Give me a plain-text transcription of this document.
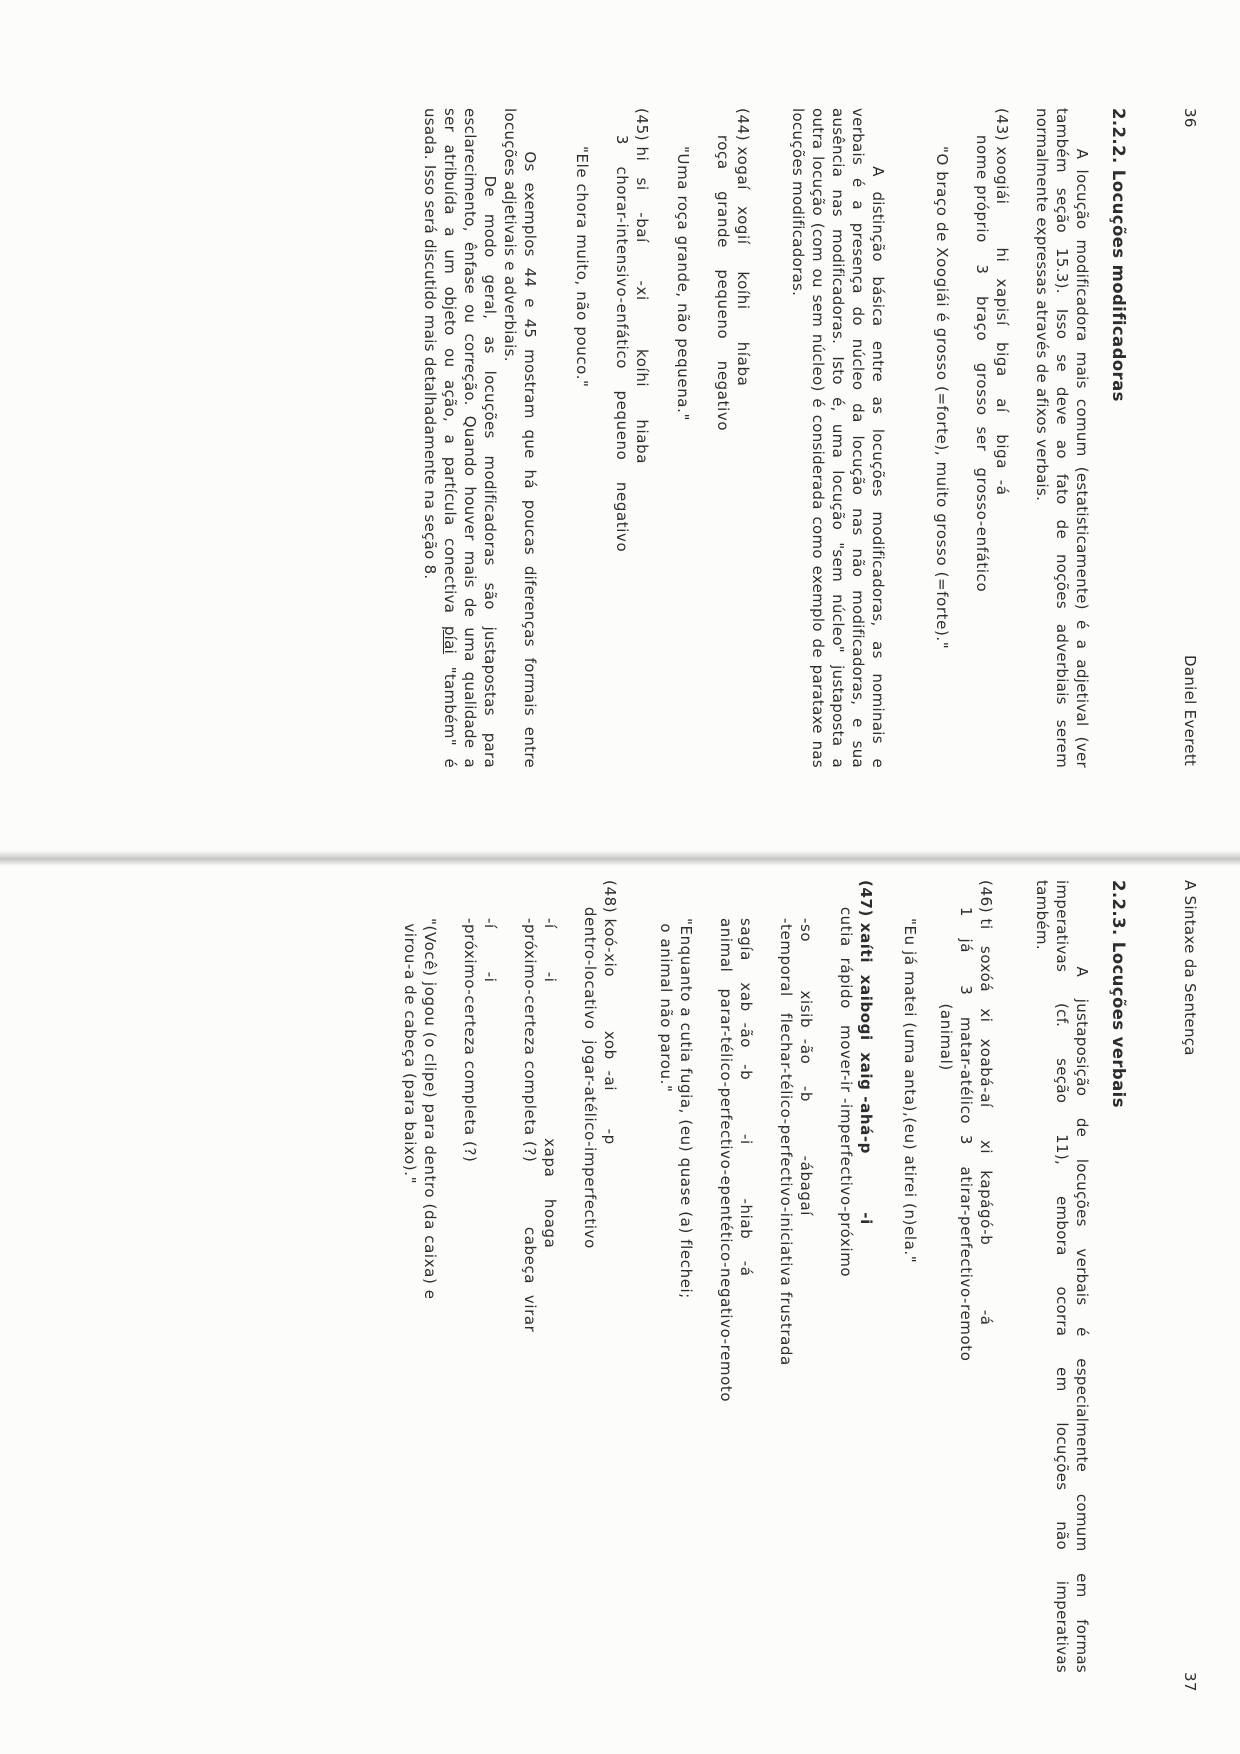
36

Daniel Everett

2.2.2. Locuções modificadoras

A locução modificadora mais comum (estatisticamente) é a adjetival (ver

também seção 15.3). Isso se deve ao fato de noções adverbiais serem

normalmente expressas através de afixos verbais.

(43) xoogiái        hi   xapisí   biga    aí    biga  -á

nome próprio    3    braço    grosso  ser   grosso-enfático

"O braço de Xoogiái é grosso (=forte), muito grosso (=forte)."

A distinção básica entre as locuções modificadoras, as nominais e

verbais é a presença do núcleo da locução nas não modificadoras, e sua

ausência nas modificadoras. Isto é, uma locução "sem núcleo" justaposta a

outra locução (com ou sem núcleo) é considerada como exemplo de parataxe nas

locuções modificadoras.

(44) xogaí   xogií     koíhi      híaba

roça    grande    pequeno    negativo

"Uma roça grande, não pequena."

(45) hi   si    -baí       -xi         koíhi      hiaba

3    chorar-intensivo-enfático    pequeno    negativo

"Ele chora muito, não pouco."

Os exemplos 44 e 45 mostram que há poucas diferenças formais entre

locuções adjetivais e adverbiais.

De modo geral, as locuções modificadoras são justapostas para

esclarecimento, ênfase ou correção. Quando houver mais de uma qualidade a

ser atribuída a um objeto ou ação, a partícula conectiva píai "também" é

usada. Isso será discutido mais detalhadamente na seção 8.

A Sintaxe da Sentença

37

2.2.3. Locuções verbais

A justaposição de locuções verbais é especialmente comum em formas

imperativas (cf. seção 11), embora ocorra em locuções não imperativas

também.

(46) ti   soxóá   xi   xoabá-aí      xi   kapágó-b            -á

1    já      3    matar-atélico  3    atirar-perfectivo-remoto

(animal)

"Eu já matei (uma anta),(eu) atirei (n)ela."

(47) xaíti  xaibogi  xaig -ahá-p          -i

cutia  rápido   mover-ir -imperfectivo-próximo

-so         xisib  -ão    -b          -ábagaí

-temporal   flechar-télico-perfectivo-iniciativa frustrada

sagía    xab  -ão   -b          -i          -hiab    -á

animal   parar-télico-perfectivo-epentético-negativo-remoto

"Enquanto a cutia fugia, (eu) quase (a) flechei;

o animal não parou."

(48) koó-xio          xob  -ai       -p

dentro-locativo  jogar-atélico-imperfectivo

-í        -i                             xapa    hoaga

-próximo-certeza completa (?)            cabeça  virar

-í        -i

-próximo-certeza completa (?)

"(Você) jogou (o clipe) para dentro (da caixa) e

virou-a de cabeça (para baixo)."
